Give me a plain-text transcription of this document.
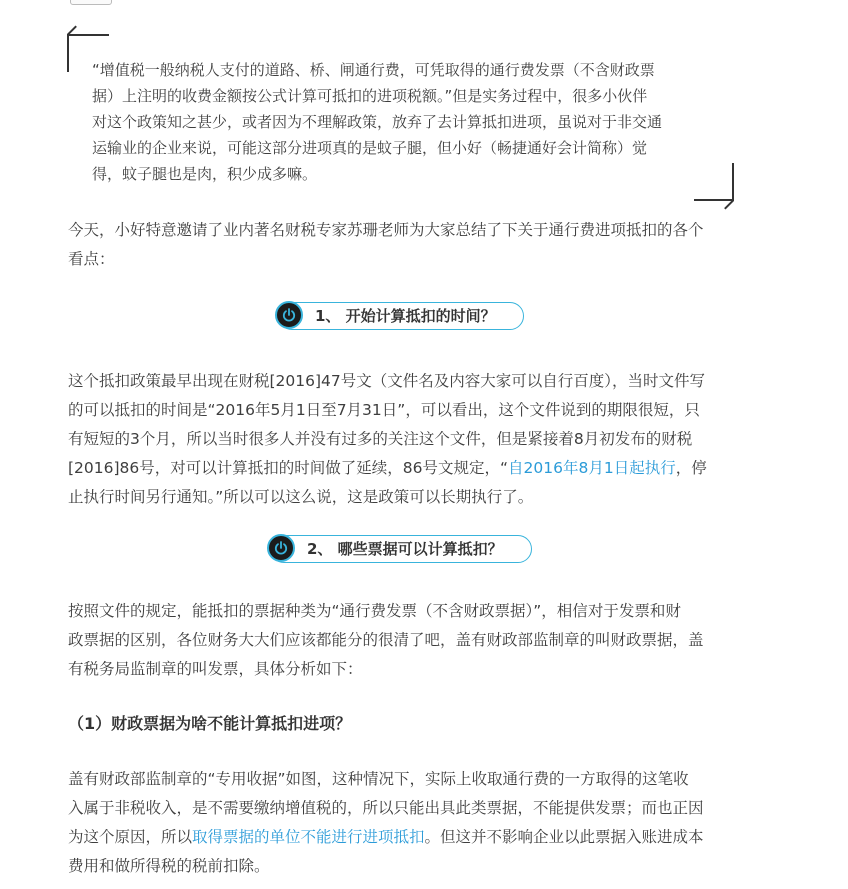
“增值税一般纳税人支付的道路、桥、闸通行费，可凭取得的通行费发票（不含财政票
据）上注明的收费金额按公式计算可抵扣的进项税额。”但是实务过程中，很多小伙伴
对这个政策知之甚少，或者因为不理解政策，放弃了去计算抵扣进项，虽说对于非交通
运输业的企业来说，可能这部分进项真的是蚊子腿，但小好（畅捷通好会计简称）觉
得，蚊子腿也是肉，积少成多嘛。
今天，小好特意邀请了业内著名财税专家苏珊老师为大家总结了下关于通行费进项抵扣的各个
看点：
1、 开始计算抵扣的时间？
这个抵扣政策最早出现在财税[2016]47号文（文件名及内容大家可以自行百度），当时文件写
的可以抵扣的时间是“2016年5月1日至7月31日”，可以看出，这个文件说到的期限很短，只
有短短的3个月，所以当时很多人并没有过多的关注这个文件，但是紧接着8月初发布的财税
[2016]86号，对可以计算抵扣的时间做了延续，86号文规定，“自2016年8月1日起执行，停
止执行时间另行通知。”所以可以这么说，这是政策可以长期执行了。
2、 哪些票据可以计算抵扣？
按照文件的规定，能抵扣的票据种类为“通行费发票（不含财政票据）”，相信对于发票和财
政票据的区别，各位财务大大们应该都能分的很清了吧，盖有财政部监制章的叫财政票据，盖
有税务局监制章的叫发票，具体分析如下：
（1）财政票据为啥不能计算抵扣进项？
盖有财政部监制章的“专用收据”如图，这种情况下，实际上收取通行费的一方取得的这笔收
入属于非税收入，是不需要缴纳增值税的，所以只能出具此类票据，不能提供发票；而也正因
为这个原因，所以取得票据的单位不能进行进项抵扣。但这并不影响企业以此票据入账进成本
费用和做所得税的税前扣除。
